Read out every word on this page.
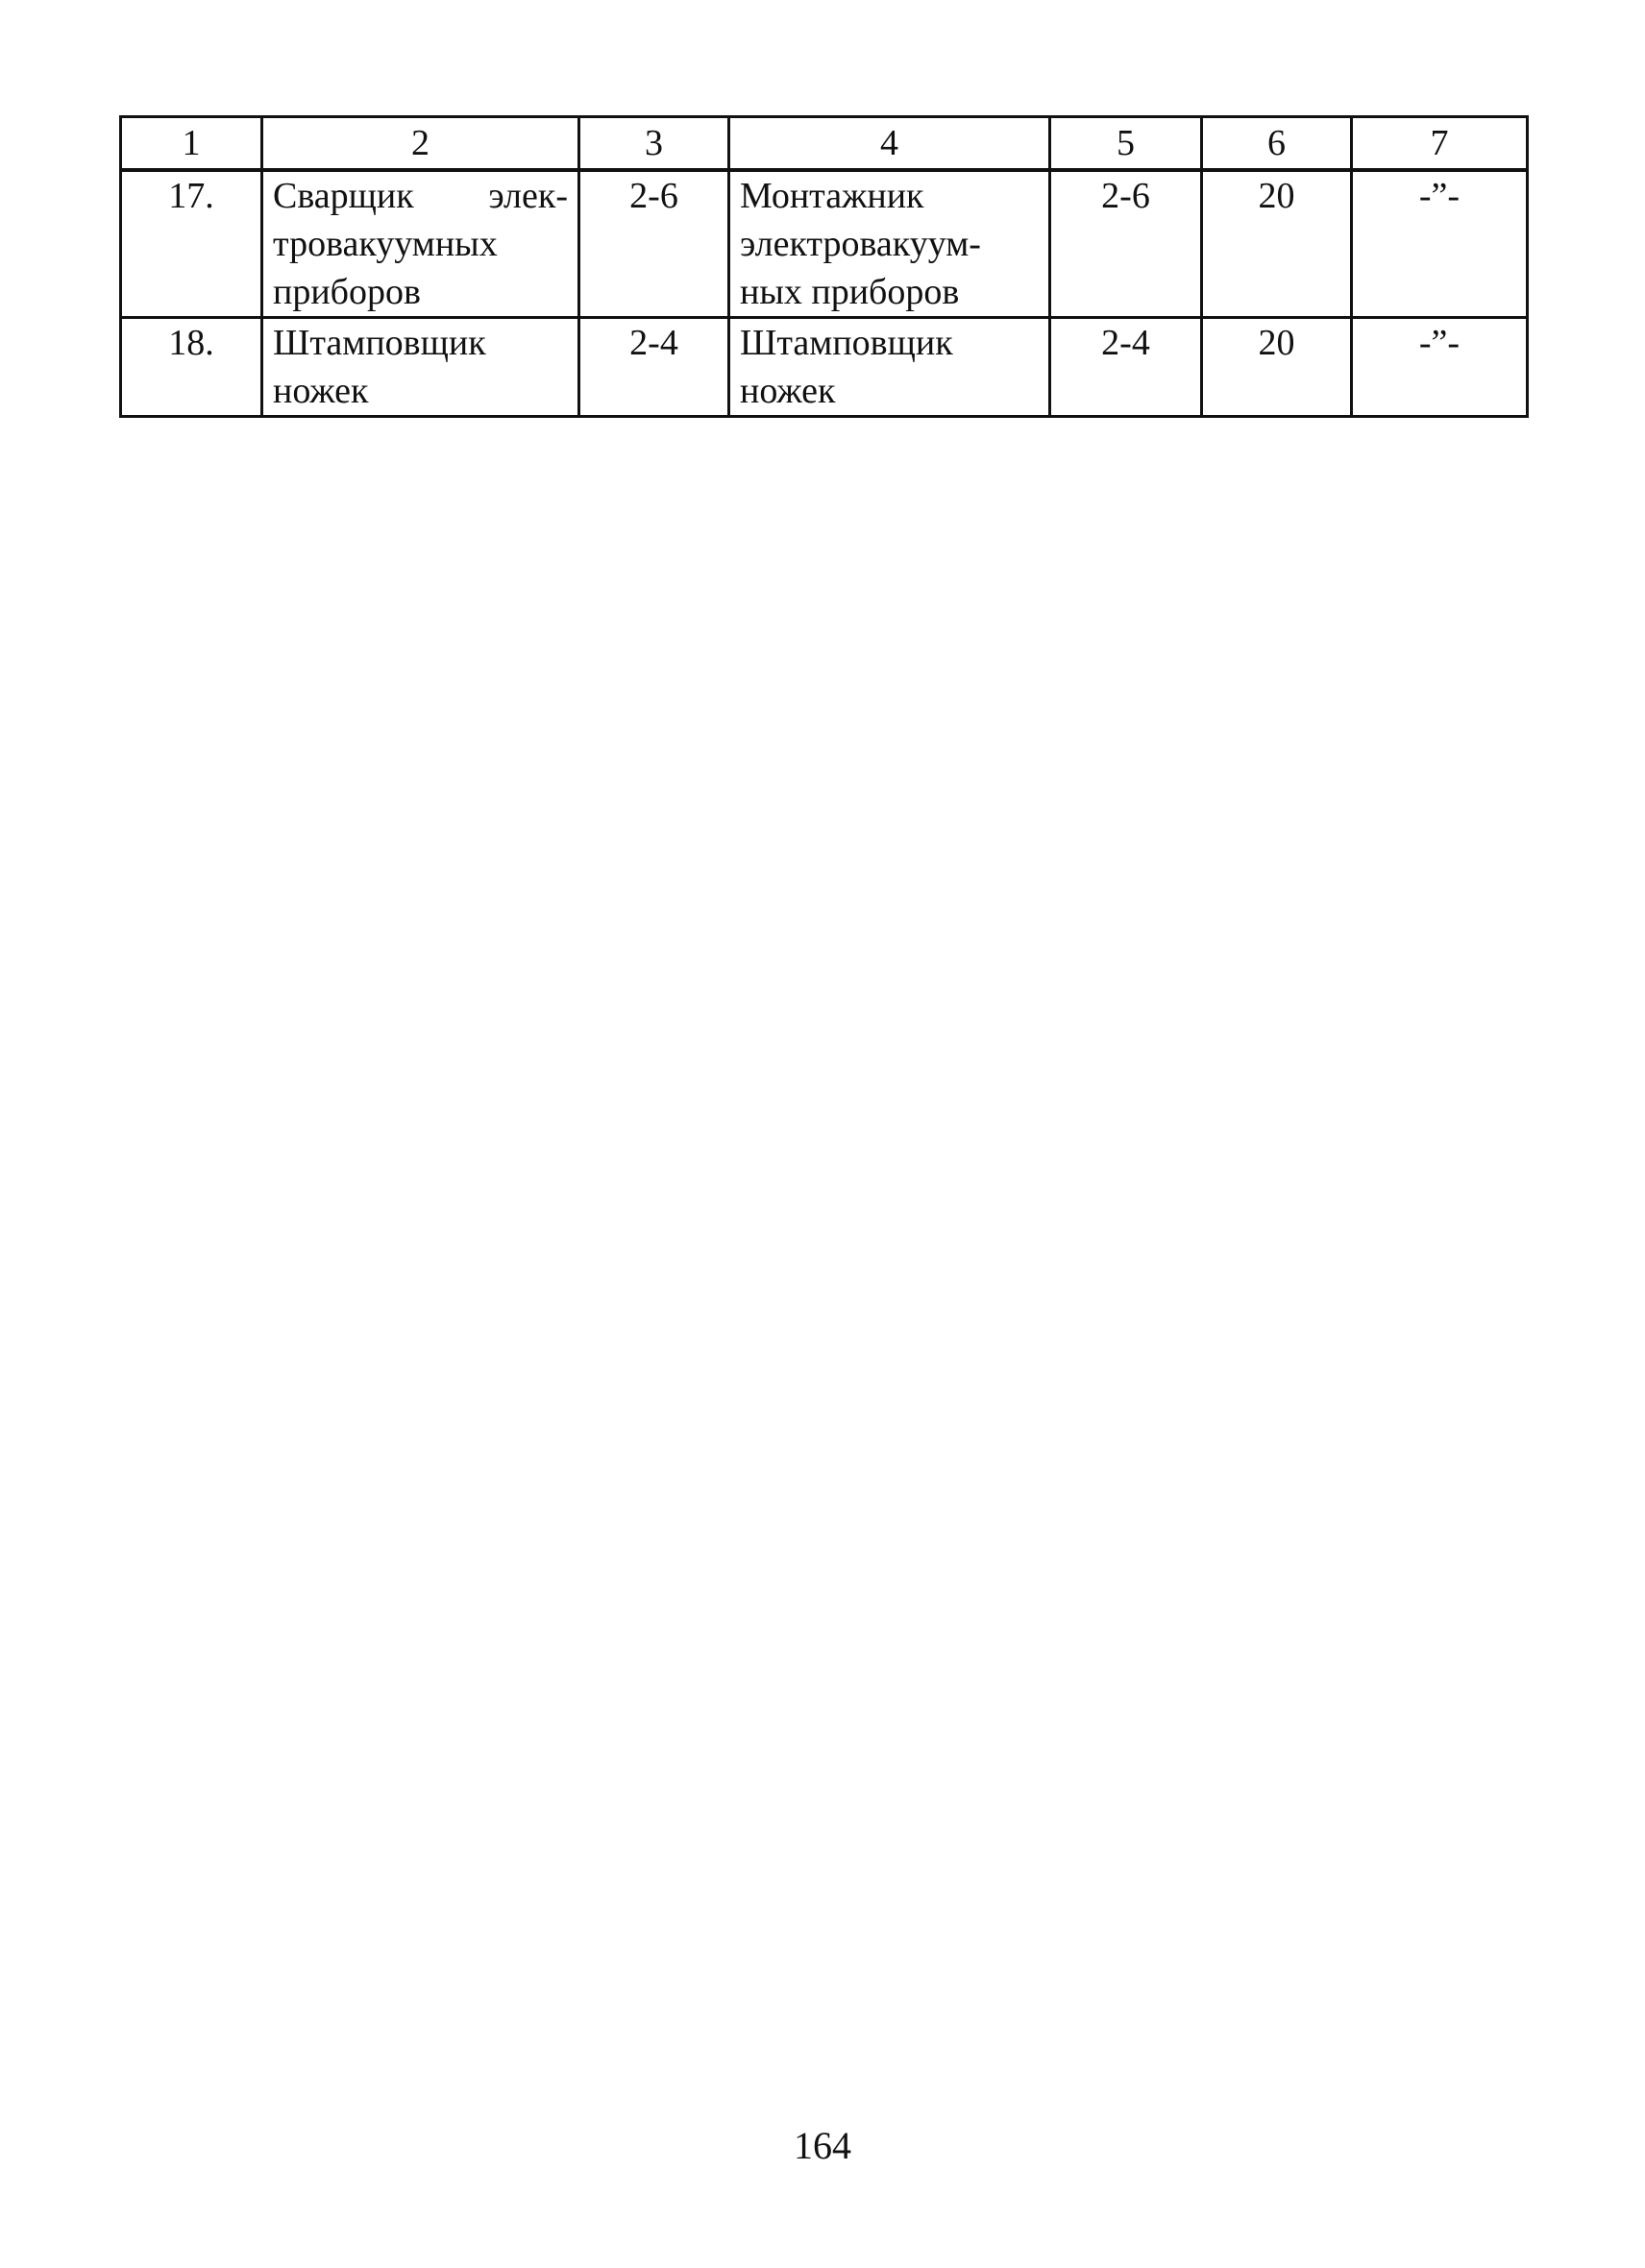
1	2	3	4	5	6	7
17.	Сварщик элек-
тровакуумных
приборов	2-6	Монтажник
электровакуум-
ных приборов	2-6	20	-”-
18.	Штамповщик
ножек	2-4	Штамповщик
ножек	2-4	20	-”-
164
